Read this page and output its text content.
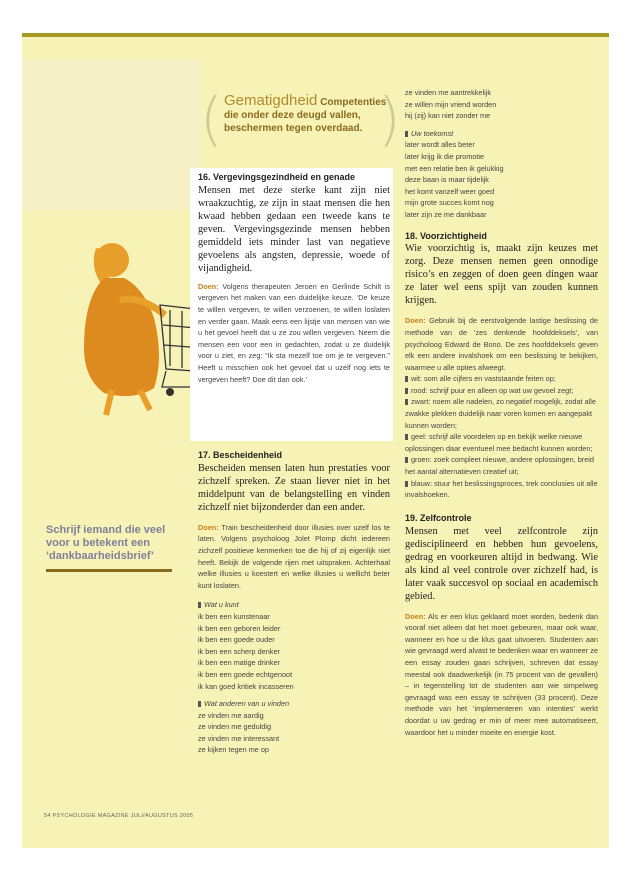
(	)
Gematigdheid Competenties die onder deze deugd vallen, beschermen tegen overdaad.

16. Vergevingsgezindheid en genade

Mensen met deze sterke kant zijn niet wraakzuchtig, ze zijn in staat mensen die hen kwaad hebben gedaan een tweede kans te geven. Vergevingsgezinde mensen hebben gemiddeld iets minder last van negatieve gevoelens als angsten, depressie, woede of vijandigheid.

Doen: Volgens therapeuten Jeroen en Gerlinde Schilt is vergeven het maken van een duidelijke keuze. ‘De keuze te willen vergeven, te willen verzoenen, te willen loslaten en verder gaan. Maak eens een lijstje van mensen van wie u het gevoel heeft dat u ze zou willen vergeven. Neem die mensen een voor een in gedachten, zodat u ze duidelijk voor u ziet, en zeg: “Ik sta mezelf toe om je te vergeven.” Heeft u misschien ook het gevoel dat u uzelf nog iets te vergeven heeft? Doe dit dan ook.’

17. Bescheidenheid

Bescheiden mensen laten hun prestaties voor zichzelf spreken. Ze staan liever niet in het middelpunt van de belangstelling en vinden zichzelf niet bijzonderder dan een ander.

Doen: Train bescheidenheid door illusies over uzelf los te laten. Volgens psycholoog Jolet Plomp dicht iedereen zichzelf positieve kenmerken toe die hij of zij eigenlijk niet heeft. Bekijk de volgende rijen met uitspraken. Achterhaal welke illusies u koestert en welke illusies u wellicht beter kunt loslaten.

Wat u kunt

ik ben een kunstenaar

ik ben een geboren leider

ik ben een goede ouder

ik ben een scherp denker

ik ben een matige drinker

ik ben een goede echtgenoot

ik kan goed kritiek incasseren

Wat anderen van u vinden

ze vinden me aardig

ze vinden me geduldig

ze vinden me interessant

ze kijken tegen me op

ze vinden me aantrekkelijk

ze willen mijn vriend worden

hij (zij) kan niet zonder me

Uw toekomst

later wordt alles beter

later krijg ik die promotie

met een relatie ben ik gelukkig

deze baan is maar tijdelijk

het komt vanzelf weer goed

mijn grote succes komt nog

later zijn ze me dankbaar

18. Voorzichtigheid

Wie voorzichtig is, maakt zijn keuzes met zorg. Deze mensen nemen geen onnodige risico’s en zeggen of doen geen dingen waar ze later wel eens spijt van zouden kunnen krijgen.

Doen: Gebruik bij de eerstvolgende lastige beslissing de methode van de ‘zes denkende hoofddeksels’, van psycholoog Edward de Bono. De zes hoofddeksels geven elk een andere invalshoek om een beslissing te bekijken, waarmee u alle opties afweegt.

wit: som alle cijfers en vaststaande feiten op;

rood: schrijf puur en alleen op wat uw gevoel zegt;

zwart: noem alle nadelen, zo negatief mogelijk, zodat alle zwakke plekken duidelijk naar voren komen en aangepakt kunnen worden;

geel: schrijf alle voordelen op en bekijk welke nieuwe oplossingen daar eventueel mee bedacht kunnen worden;

groen: zoek compleet nieuwe, andere oplossingen, breid het aantal alternatieven creatief uit;

blauw: stuur het beslissingsproces, trek conclusies uit alle invalshoeken.

19. Zelfcontrole

Mensen met veel zelfcontrole zijn gedisciplineerd en hebben hun gevoelens, gedrag en voorkeuren altijd in bedwang. Wie als kind al veel controle over zichzelf had, is later vaak succesvol op sociaal en academisch gebied.

Doen: Als er een klus geklaard moet worden, bedenk dan vooraf niet alleen dat het moet gebeuren, maar ook waar, wanneer en hoe u die klus gaat uitvoeren. Studenten aan wie gevraagd werd alvast te bedenken waar en wanneer ze een essay zouden gaan schrijven, schreven dat essay meestal ook daadwerkelijk (in 75 procent van de gevallen) – in tegenstelling tot de studenten aan wie simpelweg gevraagd was een essay te schrijven (33 procent). Deze methode van het ‘implementeren van intenties’ werkt doordat u uw gedrag er min of meer mee automatiseert, waardoor het u minder moeite en energie kost.

Schrijf iemand die veel voor u betekent een ‘dankbaarheidsbrief’
54 PSYCHOLOGIE MAGAZINE JULI/AUGUSTUS 2005
